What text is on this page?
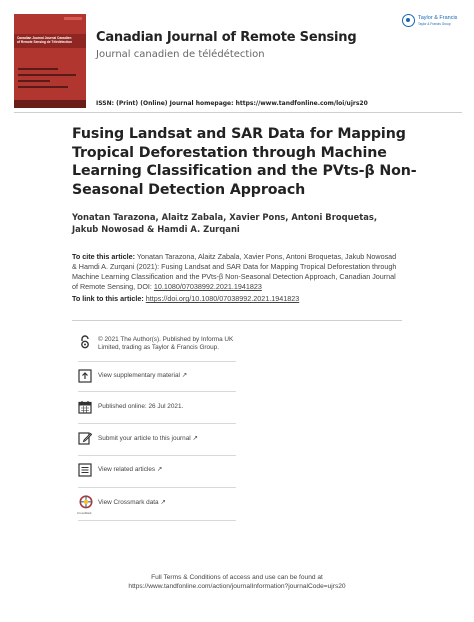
Canadian Journal Journal Canadien
of Remote Sensing de Télédétection	Canadian Journal of Remote Sensing
Journal canadien de télédétection
ISSN: (Print) (Online) Journal homepage: https://www.tandfonline.com/loi/ujrs20
Taylor & Francis
Taylor & Francis Group
Fusing Landsat and SAR Data for Mapping Tropical Deforestation through Machine Learning Classification and the PVts-β Non-Seasonal Detection Approach
Yonatan Tarazona, Alaitz Zabala, Xavier Pons, Antoni Broquetas, Jakub Nowosad & Hamdi A. Zurqani
To cite this article: Yonatan Tarazona, Alaitz Zabala, Xavier Pons, Antoni Broquetas, Jakub Nowosad & Hamdi A. Zurqani (2021): Fusing Landsat and SAR Data for Mapping Tropical Deforestation through Machine Learning Classification and the PVts-β Non-Seasonal Detection Approach, Canadian Journal of Remote Sensing, DOI: 10.1080/07038992.2021.1941823
To link to this article: https://doi.org/10.1080/07038992.2021.1941823
© 2021 The Author(s). Published by Informa UK Limited, trading as Taylor & Francis Group.
View supplementary material ↗
Published online: 26 Jul 2021.
Submit your article to this journal ↗
View related articles ↗
CrossMark
View Crossmark data ↗
Full Terms & Conditions of access and use can be found at
https://www.tandfonline.com/action/journalInformation?journalCode=ujrs20
